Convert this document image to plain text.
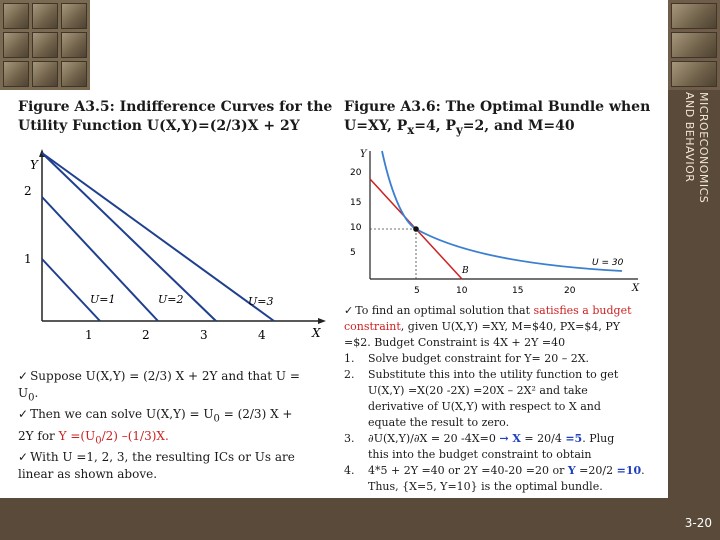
MICROECONOMICS
AND BEHAVIOR
3-20
Figure A3.5: Indifference Curves for the
Utility Function U(X,Y)=(2/3)X + 2Y
Figure A3.6: The Optimal Bundle when
U=XY, $P_x=4$, $P_y=2$, and M=40
Y
X
2
1
1	2	3	4
U=1	U=2	U=3
Y
X
5
10
15
20
5	10	15	20
B
U = 30
✓ Suppose U(X,Y) = (2/3) X + 2Y and that U =
$U_0$.
✓ Then we can solve $U(X,Y) = U_0 = (2/3) X$ +
2Y for $Y =(U_0/2)$ –(1/3)X.
✓ With U =1, 2, 3, the resulting ICs or Us are
linear as shown above.
✓ To find an optimal solution that satisfies a budget
constraint, given U(X,Y) =XY, M=$40, PX=$4, PY
=$2. Budget Constraint is 4X + 2Y =40
1.	Solve budget constraint for Y= 20 – 2X.
2.	Substitute this into the utility function to get
U(X,Y) =X(20 -2X) =20X – 2X² and take
derivative of U(X,Y) with respect to X and
equate the result to zero.
3.	∂U(X,Y)/∂X = 20 -4X=0 → X = 20/4 =5. Plug
this into the budget constraint to obtain
4.	4*5 + 2Y =40 or 2Y =40-20 =20 or Y =20/2 =10. Thus, {X=5, Y=10} is the optimal bundle.
